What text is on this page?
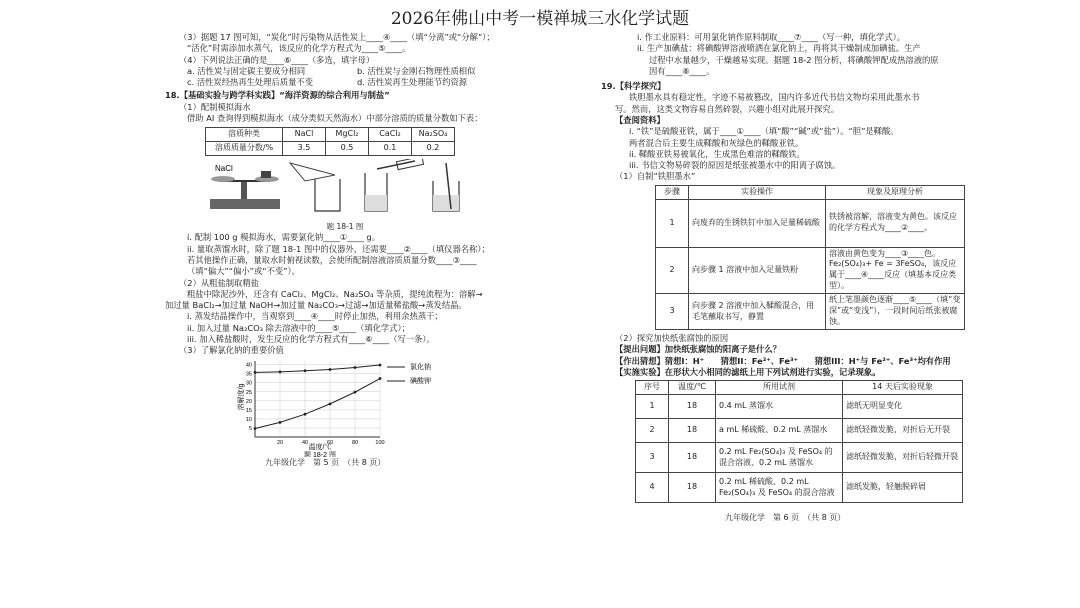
2026年佛山中考一模禅城三水化学试题

（3）据题 17 图可知，“炭化”时污染物从活性炭上____④____（填“分离”或“分解”）；

“活化”时需添加水蒸气，该反应的化学方程式为____⑤____。

（4）下列说法正确的是____⑥____（多选，填字母）

a. 活性炭与固定碳主要成分相同	b. 活性炭与金刚石物理性质相似

c. 活性炭经热再生处理后质量不变	d. 活性炭再生处理能节约资源

18.【基础实验与跨学科实践】“海洋资源的综合利用与制盐”

（1）配制模拟海水

借助 AI 查询得到模拟海水（成分类似天然海水）中部分溶质的质量分数如下表：

溶质种类	NaCl	MgCl₂	CaCl₂	Na₂SO₄
溶质质量分数/%	3.5	0.5	0.1	0.2
NaCl
题 18-1 图

i. 配制 100 g 模拟海水，需要氯化钠____①____ g。

ii. 量取蒸馏水时，除了题 18-1 图中的仪器外，还需要____②____（填仪器名称）；

若其他操作正确，量取水时俯视读数，会使所配制溶液溶质质量分数____③____

（填“偏大”“偏小”或“不变”）。

（2）从粗盐制取精盐

粗盐中除泥沙外，还含有 CaCl₂、MgCl₂、Na₂SO₄ 等杂质，提纯流程为：溶解→

加过量 BaCl₂→加过量 NaOH→加过量 Na₂CO₃→过滤→加适量稀盐酸→蒸发结晶。

i. 蒸发结晶操作中，当观察到____④____时停止加热，利用余热蒸干；

ii. 加入过量 Na₂CO₃ 除去溶液中的____⑤____（填化学式）；

iii. 加入稀盐酸时，发生反应的化学方程式有____⑥____（写一条）。

（3）了解氯化钠的重要价值

5
10
15
20
25
30
35
40
20	40	60	80	100
温度/℃
题 18-2 图
溶解度/g
氯化钠
碘酸钾

九年级化学　第 5 页　（共 8 页）

i. 作工业原料：可用氯化钠作原料制取____⑦____（写一种，填化学式）。

ii. 生产加碘盐：将碘酸钾溶液喷洒在氯化钠上，再将其干燥制成加碘盐。生产

过程中水量越少，干燥越易实现。据题 18-2 图分析，将碘酸钾配成热溶液的原

因有____⑧____。

19.【科学探究】

铁胆墨水具有稳定性，字迹不易被篡改，国内许多近代书信文物均采用此墨水书

写。然而，这类文物容易自然碎裂，兴趣小组对此展开探究。

【查阅资料】

i. “铁”是硫酸亚铁，属于____①____（填“酸”“碱”或“盐”）。“胆”是鞣酸。

两者混合后主要生成鞣酸和灰绿色的鞣酸亚铁。

ii. 鞣酸亚铁易被氧化，生成黑色难溶的鞣酸铁。

iii. 书信文物易碎裂的原因是纸张被墨水中的阳离子腐蚀。

（1）自制“铁胆墨水”

步骤	实验操作	现象及原理分析
1	向废弃的生锈铁钉中加入足量稀硫酸	铁锈被溶解，溶液变为黄色。该反应的化学方程式为____②____。
2	向步骤 1 溶液中加入足量铁粉	溶液由黄色变为____③____色。Fe₂(SO₄)₃+ Fe = 3FeSO₄，该反应属于____④____反应（填基本反应类型）。
3	向步骤 2 溶液中加入鞣酸混合，用毛笔蘸取书写，静置	纸上笔墨颜色逐渐____⑤____（填“变深”或“变浅”），一段时间后纸张被腐蚀。

（2）探究加快纸张腐蚀的原因

【提出问题】加快纸张腐蚀的阳离子是什么？

【作出猜想】猜想I：H⁺　　猜想II：Fe²⁺、Fe³⁺　　猜想III：H⁺与 Fe²⁺、Fe³⁺均有作用

【实施实验】在形状大小相同的滤纸上用下列试剂进行实验，记录现象。

序号	温度/℃	所用试剂	14 天后实验现象
1	18	0.4 mL 蒸馏水	滤纸无明显变化
2	18	a mL 稀硫酸、0.2 mL 蒸馏水	滤纸轻微发脆，对折后无开裂
3	18	0.2 mL Fe₂(SO₄)₃ 及 FeSO₄ 的混合溶液、0.2 mL 蒸馏水	滤纸轻微发脆，对折后轻微开裂
4	18	0.2 mL 稀硫酸、0.2 mL Fe₂(SO₄)₃ 及 FeSO₄ 的混合溶液	滤纸发脆，轻触脱碎屑

九年级化学　第 6 页　（共 8 页）
